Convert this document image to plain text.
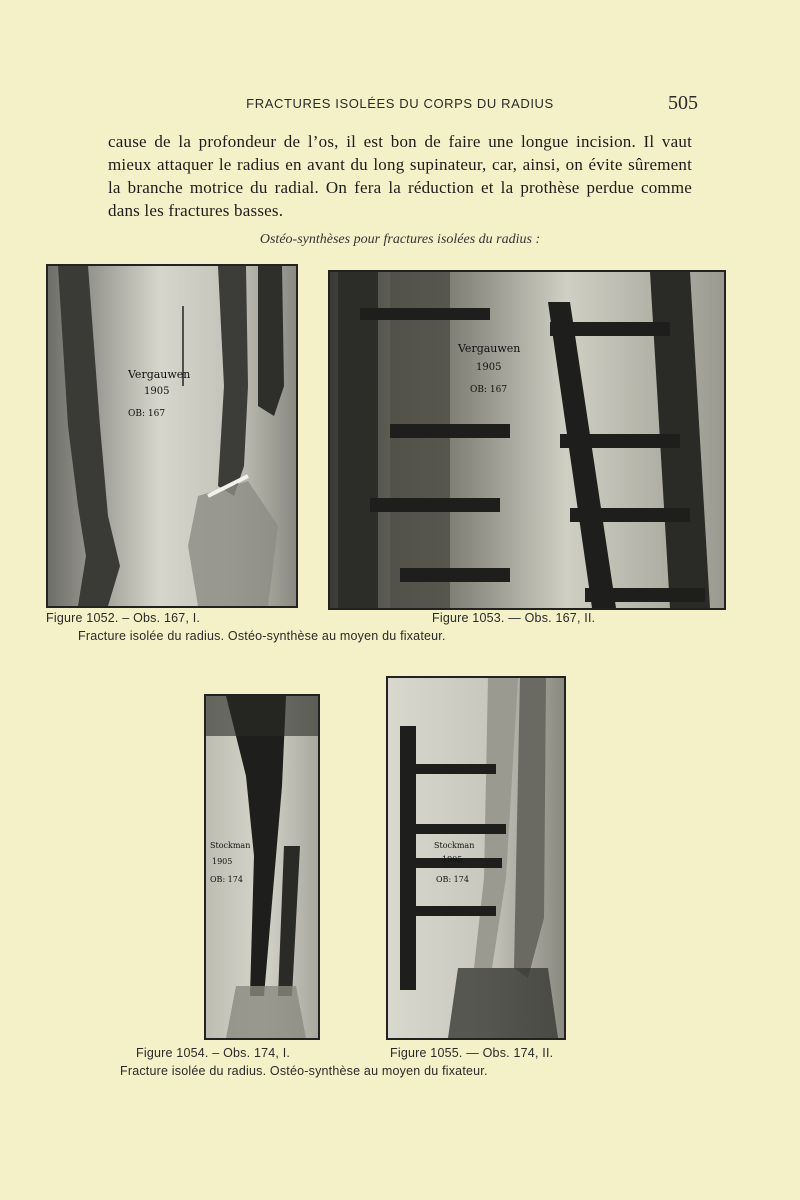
FRACTURES ISOLÉES DU CORPS DU RADIUS	505

cause de la profondeur de l’os, il est bon de faire une longue incision. Il vaut mieux attaquer le radius en avant du long supinateur, car, ainsi, on évite sûrement la branche motrice du radial. On fera la réduction et la prothèse perdue comme dans les fractures basses.

Ostéo-synthèses pour fractures isolées du radius :
Vergauwen
1905
OB: 167
Vergauwen
1905
OB: 167
Figure 1052. – Obs. 167, I.	Figure 1053. — Obs. 167, II.
Fracture isolée du radius. Ostéo-synthèse au moyen du fixateur.
Stockman
1905
OB: 174
Stockman
1905
OB: 174
Figure 1054. – Obs. 174, I.	Figure 1055. — Obs. 174, II.
Fracture isolée du radius. Ostéo-synthèse au moyen du fixateur.
